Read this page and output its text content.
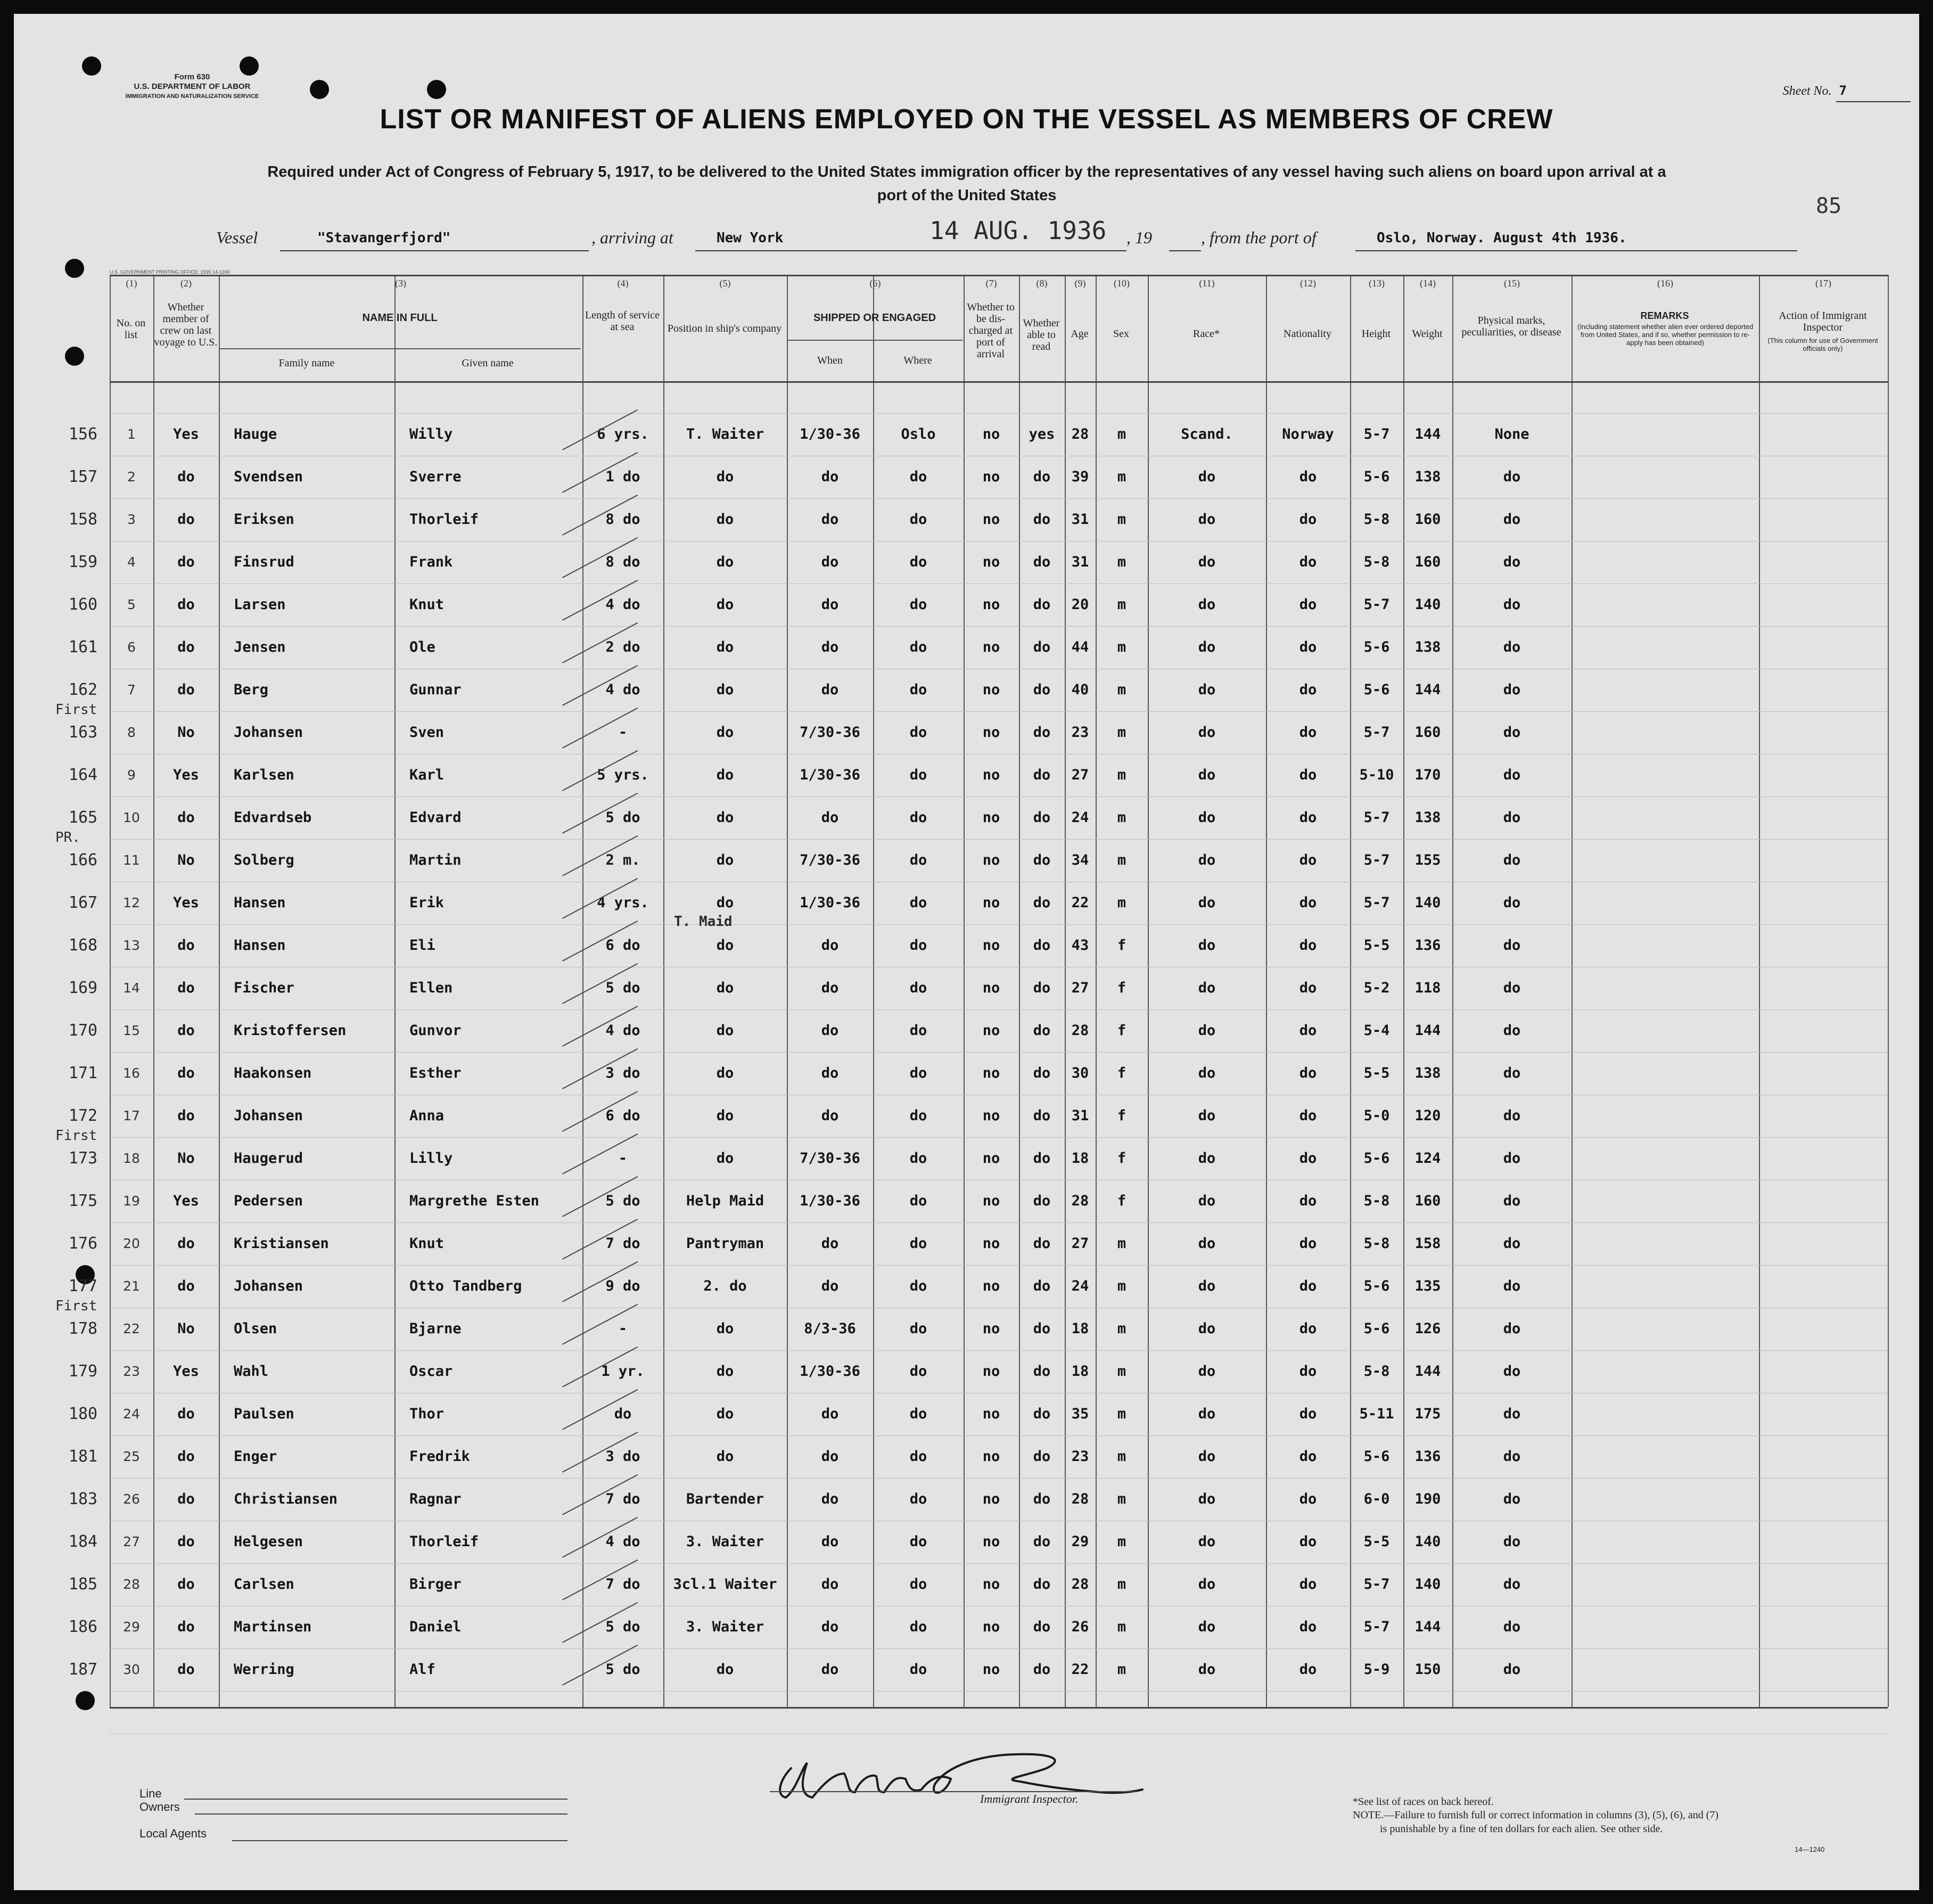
Form 630
U.S. DEPARTMENT OF LABOR
IMMIGRATION AND NATURALIZATION SERVICE	Sheet No. 7
LIST OR MANIFEST OF ALIENS EMPLOYED ON THE VESSEL AS MEMBERS OF CREW
Required under Act of Congress of February 5, 1917, to be delivered to the United States immigration officer by the representatives of any vessel having such aliens on board upon arrival at a
port of the United States	85
Vessel	"Stavangerfjord"	, arriving at	New York	14 AUG. 1936 , 19	, from the port of	Oslo, Norway. August 4th 1936.
U.S. GOVERNMENT PRINTING OFFICE: 1935 14-1240
(1)	(2)	(3)	(4)	(5)	(6)	(7)	(8)	(9)	(10)	(11)	(12)	(13)	(14)	(15)	(16)	(17)
No. on list
Whether member of crew on last voyage to U.S.
NAME IN FULL
Family name	Given name
Length of service at sea	Position in ship's company
SHIPPED OR ENGAGED
When	Where
Whether to be dis-charged at port of arrival
Whether able to read
Age	Sex	Race*	Nationality	Height	Weight
Physical marks, peculiarities, or disease
REMARKS
(Including statement whether alien ever ordered deported from United States, and if so, whether permission to re-apply has been obtained)
Action of Immigrant Inspector
(This column for use of Government officials only)
156	1	Yes	Hauge	Willy	6 yrs.	T. Waiter	1/30-36	Oslo	no	yes	28	m	Scand.	Norway	5-7	144	None
157	2	do	Svendsen	Sverre	1 do	do	do	do	no	do	39	m	do	do	5-6	138	do
158	3	do	Eriksen	Thorleif	8 do	do	do	do	no	do	31	m	do	do	5-8	160	do
159	4	do	Finsrud	Frank	8 do	do	do	do	no	do	31	m	do	do	5-8	160	do
160	5	do	Larsen	Knut	4 do	do	do	do	no	do	20	m	do	do	5-7	140	do
161	6	do	Jensen	Ole	2 do	do	do	do	no	do	44	m	do	do	5-6	138	do
162	7	do	Berg	Gunnar	4 do	do	do	do	no	do	40	m	do	do	5-6	144	do
163	8	No	Johansen	Sven	-	do	7/30-36	do	no	do	23	m	do	do	5-7	160	do
First
164	9	Yes	Karlsen	Karl	5 yrs.	do	1/30-36	do	no	do	27	m	do	do	5-10	170	do
165	10	do	Edvardseb	Edvard	5 do	do	do	do	no	do	24	m	do	do	5-7	138	do
166	11	No	Solberg	Martin	2 m.	do	7/30-36	do	no	do	34	m	do	do	5-7	155	do
PR.
167	12	Yes	Hansen	Erik	4 yrs.	do	1/30-36	do	no	do	22	m	do	do	5-7	140	do
168	13	do	Hansen	Eli	6 do	do	do	do	no	do	43	f	do	do	5-5	136	do
T. Maid
169	14	do	Fischer	Ellen	5 do	do	do	do	no	do	27	f	do	do	5-2	118	do
170	15	do	Kristoffersen	Gunvor	4 do	do	do	do	no	do	28	f	do	do	5-4	144	do
171	16	do	Haakonsen	Esther	3 do	do	do	do	no	do	30	f	do	do	5-5	138	do
172	17	do	Johansen	Anna	6 do	do	do	do	no	do	31	f	do	do	5-0	120	do
173	18	No	Haugerud	Lilly	-	do	7/30-36	do	no	do	18	f	do	do	5-6	124	do
First
175	19	Yes	Pedersen	Margrethe Esten	5 do	Help Maid	1/30-36	do	no	do	28	f	do	do	5-8	160	do
176	20	do	Kristiansen	Knut	7 do	Pantryman	do	do	no	do	27	m	do	do	5-8	158	do
177	21	do	Johansen	Otto Tandberg	9 do	2. do	do	do	no	do	24	m	do	do	5-6	135	do
178	22	No	Olsen	Bjarne	-	do	8/3-36	do	no	do	18	m	do	do	5-6	126	do
First
179	23	Yes	Wahl	Oscar	1 yr.	do	1/30-36	do	no	do	18	m	do	do	5-8	144	do
180	24	do	Paulsen	Thor	do	do	do	do	no	do	35	m	do	do	5-11	175	do
181	25	do	Enger	Fredrik	3 do	do	do	do	no	do	23	m	do	do	5-6	136	do
183	26	do	Christiansen	Ragnar	7 do	Bartender	do	do	no	do	28	m	do	do	6-0	190	do
184	27	do	Helgesen	Thorleif	4 do	3. Waiter	do	do	no	do	29	m	do	do	5-5	140	do
185	28	do	Carlsen	Birger	7 do	3cl.1 Waiter	do	do	no	do	28	m	do	do	5-7	140	do
186	29	do	Martinsen	Daniel	5 do	3. Waiter	do	do	no	do	26	m	do	do	5-7	144	do
187	30	do	Werring	Alf	5 do	do	do	do	no	do	22	m	do	do	5-9	150	do
Line
Owners
Local Agents
Immigrant Inspector.	*See list of races on back hereof.
NOTE.—Failure to furnish full or correct information in columns (3), (5), (6), and (7)
is punishable by a fine of ten dollars for each alien. See other side.
14—1240
